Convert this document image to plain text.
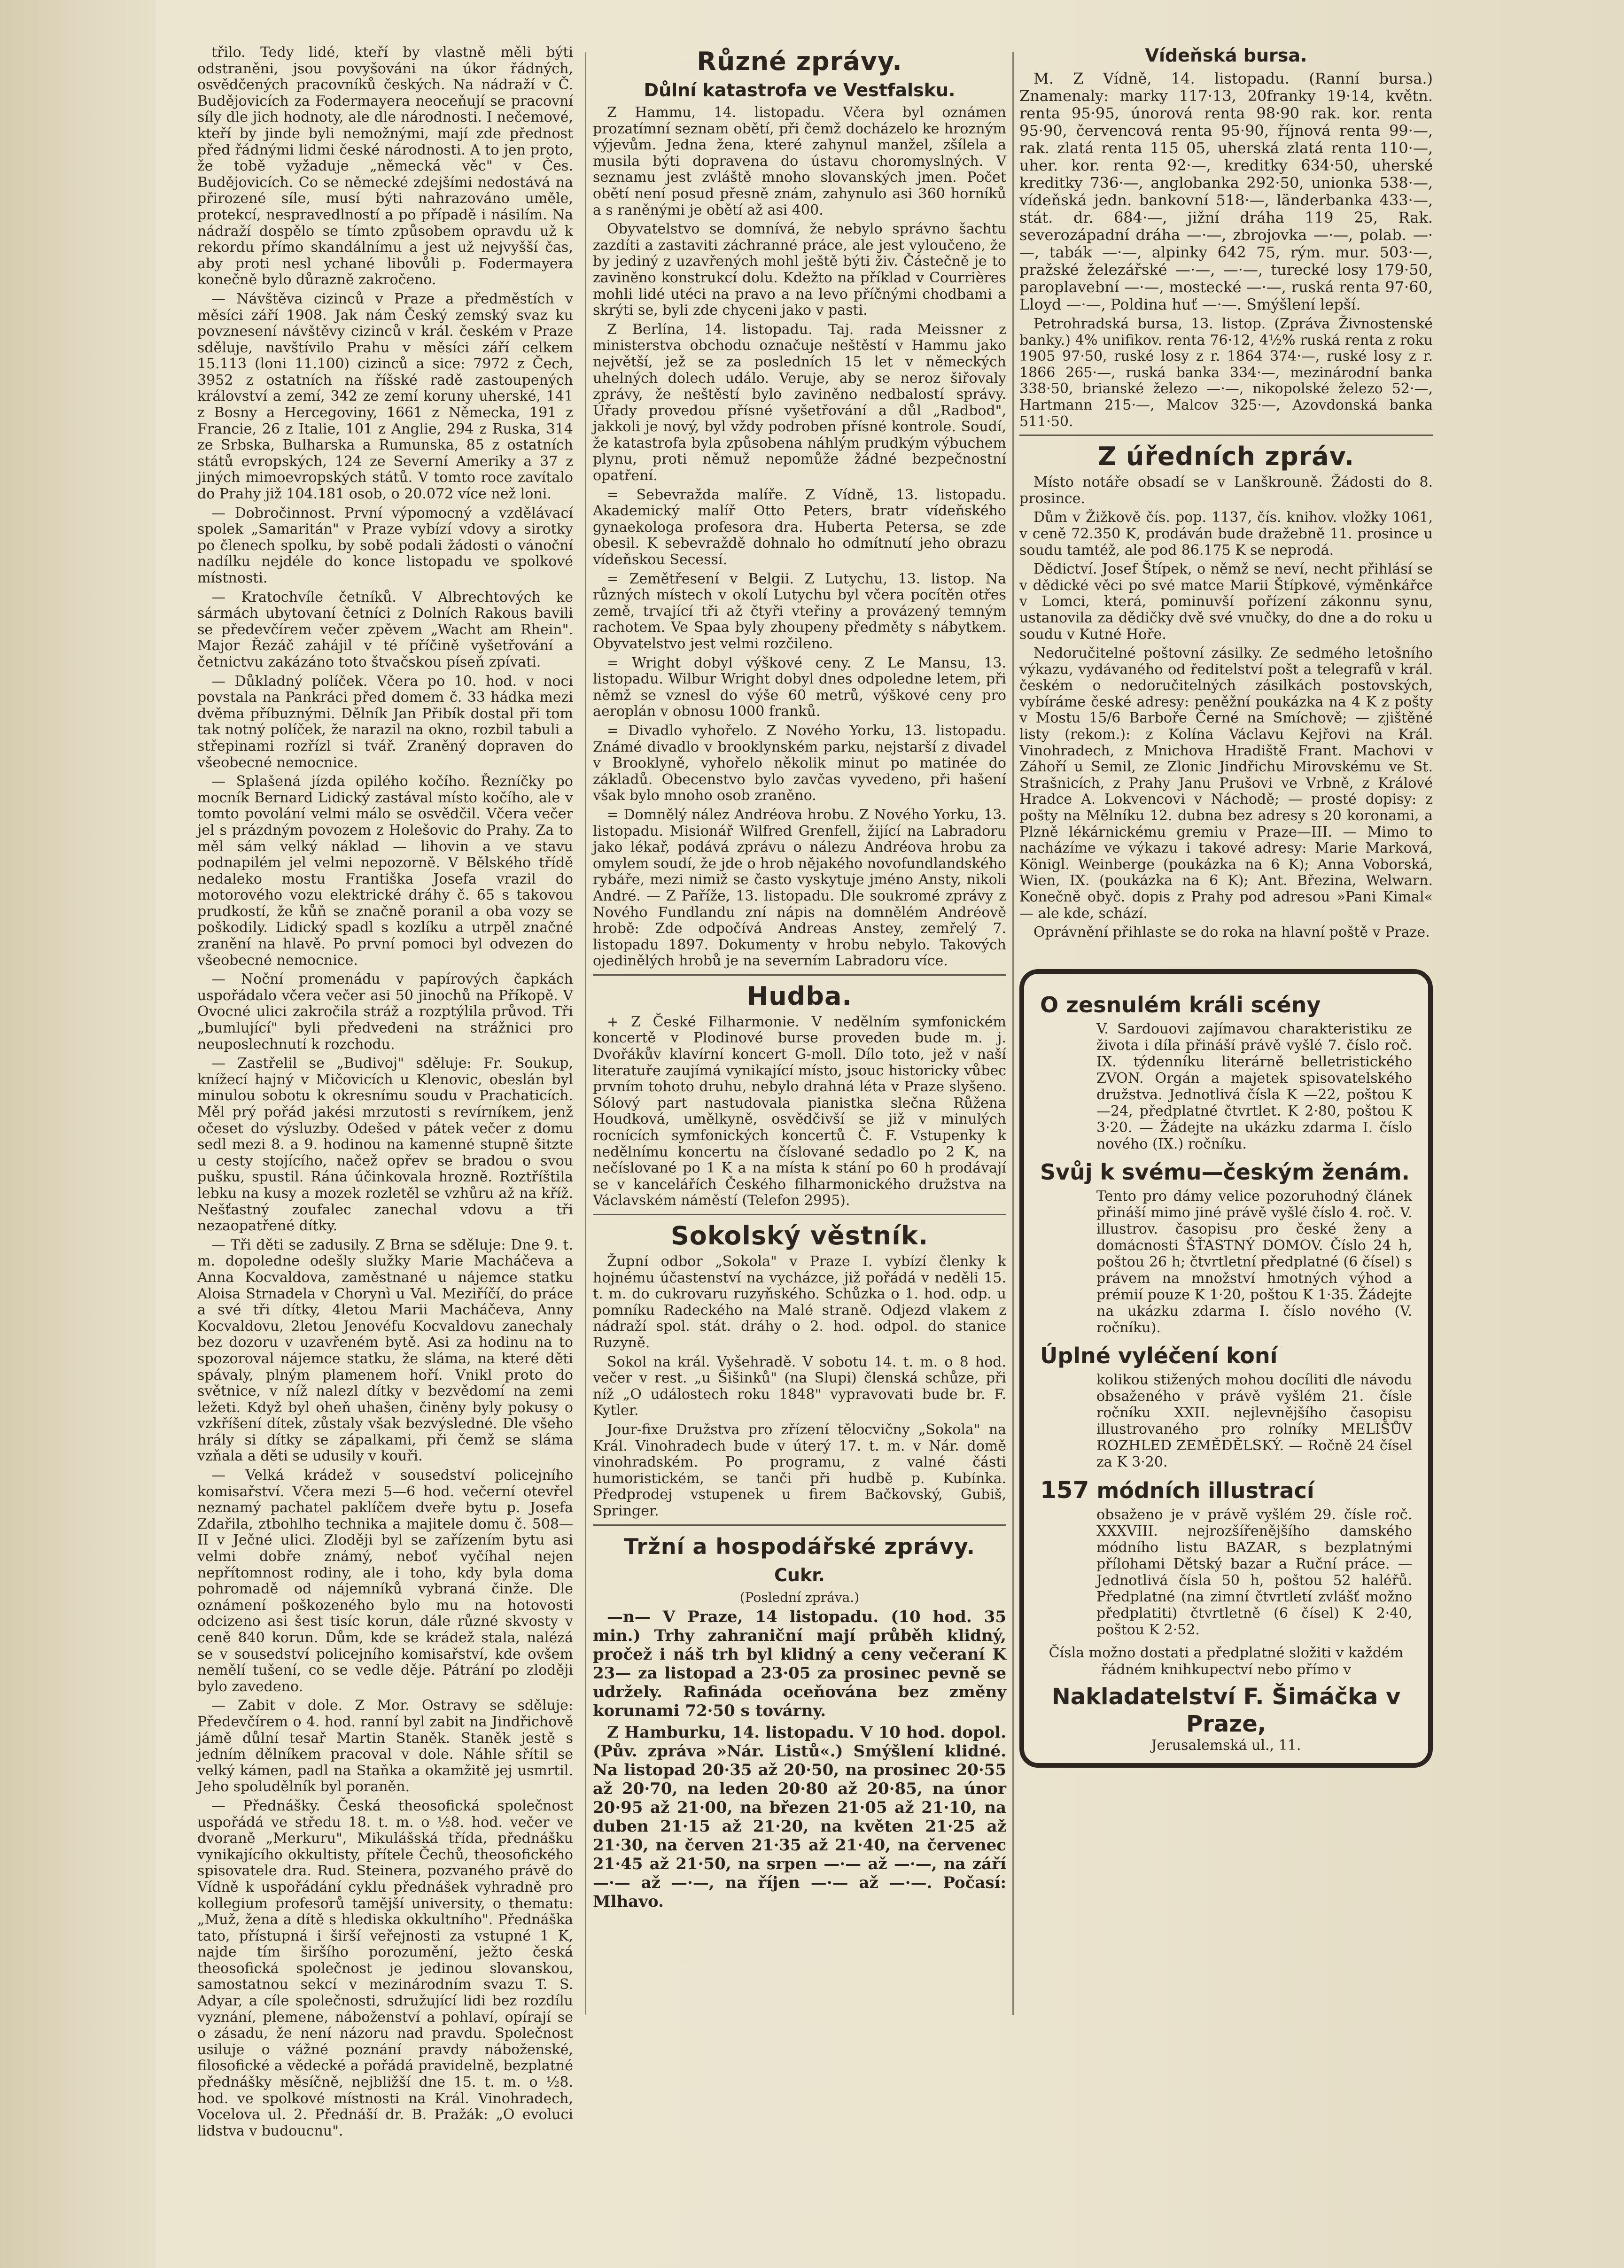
třilo. Tedy lidé, kteří by vlastně měli býti odstraněni, jsou povyšováni na úkor řádných, osvědčených pracovníků českých. Na nádraží v Č. Budějovicích za Fodermayera neoceňují se pracovní síly dle jich hodnoty, ale dle národnosti. I nečemové, kteří by jinde byli nemožnými, mají zde přednost před řádnými lidmi české národnosti. A to jen proto, že tobě vyžaduje „německá věc" v Čes. Budějovicích. Co se německé zdejšími nedostává na přirozené síle, musí býti nahrazováno uměle, protekcí, nespravedlností a po případě i násilím. Na nádraží dospělo se tímto způsobem opravdu už k rekordu přímo skandálnímu a jest už nejvyšší čas, aby proti nesl ychané libovůli p. Fodermayera konečně bylo důrazně zakročeno.

— Návštěva cizinců v Praze a předměstích v měsíci září 1908. Jak nám Český zemský svaz ku povznesení návštěvy cizinců v král. českém v Praze sděluje, navštívilo Prahu v měsíci září celkem 15.113 (loni 11.100) cizinců a sice: 7972 z Čech, 3952 z ostatních na říšské radě zastoupených království a zemí, 342 ze zemí koruny uherské, 141 z Bosny a Hercegoviny, 1661 z Německa, 191 z Francie, 26 z Italie, 101 z Anglie, 294 z Ruska, 314 ze Srbska, Bulharska a Rumunska, 85 z ostatních států evropských, 124 ze Severní Ameriky a 37 z jiných mimoevropských států. V tomto roce zavítalo do Prahy již 104.181 osob, o 20.072 více než loni.

— Dobročinnost. První výpomocný a vzdělávací spolek „Samaritán" v Praze vybízí vdovy a sirotky po členech spolku, by sobě podali žádosti o vánoční nadílku nejdéle do konce listopadu ve spolkové místnosti.

— Kratochvíle četníků. V Albrechtových ke sármách ubytovaní četníci z Dolních Rakous bavili se předevčírem večer zpěvem „Wacht am Rhein". Major Řezáč zahájil v té příčině vyšetřování a četnictvu zakázáno toto štvačskou píseň zpívati.

— Důkladný políček. Včera po 10. hod. v noci povstala na Pankráci před domem č. 33 hádka mezi dvěma příbuznými. Dělník Jan Přibík dostal při tom tak notný políček, že narazil na okno, rozbil tabuli a střepinami rozřízl si tvář. Zraněný dopraven do všeobecné nemocnice.

— Splašená jízda opilého kočího. Řezníčky po mocník Bernard Lidický zastával místo kočího, ale v tomto povolání velmi málo se osvědčil. Včera večer jel s prázdným povozem z Holešovic do Prahy. Za to měl sám velký náklad — lihovin a ve stavu podnapilém jel velmi nepozorně. V Bělského třídě nedaleko mostu Františka Josefa vrazil do motorového vozu elektrické dráhy č. 65 s takovou prudkostí, že kůň se značně poranil a oba vozy se poškodily. Lidický spadl s kozlíku a utrpěl značné zranění na hlavě. Po první pomoci byl odvezen do všeobecné nemocnice.

— Noční promenádu v papírových čapkách uspořádalo včera večer asi 50 jinochů na Příkopě. V Ovocné ulici zakročila stráž a rozptýlila průvod. Tři „bumlující" byli předvedeni na strážnici pro neuposlechnutí k rozchodu.

— Zastřelil se „Budivoj" sděluje: Fr. Soukup, knížecí hajný v Mičovicích u Klenovic, obeslán byl minulou sobotu k okresnímu soudu v Prachaticích. Měl prý pořád jakési mrzutosti s revírníkem, jenž očeset do výsluzby. Odešed v pátek večer z domu sedl mezi 8. a 9. hodinou na kamenné stupně šitzte u cesty stojícího, načež opřev se bradou o svou pušku, spustil. Rána účinkovala hrozně. Roztříštila lebku na kusy a mozek rozletěl se vzhůru až na kříž. Nešťastný zoufalec zanechal vdovu a tři nezaopatřené dítky.

— Tři děti se zadusily. Z Brna se sděluje: Dne 9. t. m. dopoledne odešly služky Marie Macháčeva a Anna Kocvaldova, zaměstnané u nájemce statku Aloisa Strnadela v Chorynì u Val. Meziříčí, do práce a své tři dítky, 4letou Marii Macháčeva, Anny Kocvaldovu, 2letou Jenovéfu Kocvaldovu zanechaly bez dozoru v uzavřeném bytě. Asi za hodinu na to spozoroval nájemce statku, že sláma, na které děti spávaly, plným plamenem hoří. Vnikl proto do světnice, v níž nalezl dítky v bezvědomí na zemi ležeti. Když byl oheň uhašen, činěny byly pokusy o vzkříšení dítek, zůstaly však bezvýsledné. Dle všeho hrály si dítky se zápalkami, při čemž se sláma vzňala a děti se udusily v kouři.

— Velká krádež v sousedství policejního komisařství. Včera mezi 5—6 hod. večerní otevřel neznamý pachatel paklíčem dveře bytu p. Josefa Zdařila, ztbohlho technika a majitele domu č. 508—II v Ječné ulici. Zloději byl se zařízením bytu asi velmi dobře známý, neboť vyčíhal nejen nepřítomnost rodiny, ale i toho, kdy byla doma pohromadě od nájemníků vybraná činže. Dle oznámení poškozeného bylo mu na hotovosti odcizeno asi šest tisíc korun, dále různé skvosty v ceně 840 korun. Dům, kde se krádež stala, nalézá se v sousedství policejního komisařství, kde ovšem nemělí tušení, co se vedle děje. Pátrání po zloději bylo zavedeno.

— Zabit v dole. Z Mor. Ostravy se sděluje: Předevčírem o 4. hod. ranní byl zabit na Jindřichově jámě důlní tesař Martin Staněk. Staněk jestě s jedním dělníkem pracoval v dole. Náhle sřítil se velký kámen, padl na Staňka a okamžitě jej usmrtil. Jeho spoludělník byl poraněn.

— Přednášky. Česká theosofická společnost uspořádá ve středu 18. t. m. o ½8. hod. večer ve dvoraně „Merkuru", Mikulášská třída, přednášku vynikajícího okkultisty, přítele Čechů, theosofického spisovatele dra. Rud. Steinera, pozvaného právě do Vídně k uspořádání cyklu přednášek vyhradně pro kollegium profesorů tamější university, o thematu: „Muž, žena a dítě s hlediska okkultního". Přednáška tato, přístupná i širší veřejnosti za vstupné 1 K, najde tím širšího porozumění, ježto česká theosofická společnost je jedinou slovanskou, samostatnou sekcí v mezinárodním svazu T. S. Adyar, a cíle společnosti, sdružující lidi bez rozdílu vyznání, plemene, náboženství a pohlaví, opírají se o zásadu, že není názoru nad pravdu. Společnost usiluje o vážné poznání pravdy náboženské, filosofické a vědecké a pořádá pravidelně, bezplatné přednášky měsíčně, nejbližší dne 15. t. m. o ½8. hod. ve spolkové místnosti na Král. Vinohradech, Vocelova ul. 2. Přednáší dr. B. Pražák: „O evoluci lidstva v budoucnu".

Různé zprávy.
Důlní katastrofa ve Vestfalsku.

Z Hammu, 14. listopadu. Včera byl oznámen prozatímní seznam obětí, při čemž docházelo ke hrozným výjevům. Jedna žena, které zahynul manžel, zšílela a musila býti dopravena do ústavu choromyslných. V seznamu jest zvláště mnoho slovanských jmen. Počet obětí není posud přesně znám, zahynulo asi 360 horníků a s raněnými je obětí až asi 400.

Obyvatelstvo se domnívá, že nebylo správno šachtu zazdíti a zastaviti záchranné práce, ale jest vyloučeno, že by jediný z uzavřených mohl ještě býti živ. Částečně je to zaviněno konstrukcí dolu. Kdežto na příklad v Courrières mohli lidé utéci na pravo a na levo příčnými chodbami a skrýti se, byli zde chyceni jako v pasti.

Z Berlína, 14. listopadu. Taj. rada Meissner z ministerstva obchodu označuje neštěstí v Hammu jako největší, jež se za posledních 15 let v německých uhelných dolech událo. Veruje, aby se neroz šiřovaly zprávy, že neštěstí bylo zaviněno nedbalostí správy. Úřady provedou přísné vyšetřování a důl „Radbod", jakkoli je nový, byl vždy podroben přísné kontrole. Soudí, že katastrofa byla způsobena náhlým prudkým výbuchem plynu, proti němuž nepomůže žádné bezpečnostní opatření.

= Sebevražda malíře. Z Vídně, 13. listopadu. Akademický malíř Otto Peters, bratr vídeňského gynaekologa profesora dra. Huberta Petersa, se zde obesil. K sebevraždě dohnalo ho odmítnutí jeho obrazu vídeňskou Secessí.

= Zemětřesení v Belgii. Z Lutychu, 13. listop. Na různých místech v okolí Lutychu byl včera pocítěn otřes země, trvající tři až čtyři vteřiny a provázený temným rachotem. Ve Spaa byly zhoupeny předměty s nábytkem. Obyvatelstvo jest velmi rozčileno.

= Wright dobyl výškové ceny. Z Le Mansu, 13. listopadu. Wilbur Wright dobyl dnes odpoledne letem, při němž se vznesl do výše 60 metrů, výškové ceny pro aeroplán v obnosu 1000 franků.

= Divadlo vyhořelo. Z Nového Yorku, 13. listopadu. Známé divadlo v brooklynském parku, nejstarší z divadel v Brooklyně, vyhořelo několik minut po matinée do základů. Obecenstvo bylo zavčas vyvedeno, při hašení však bylo mnoho osob zraněno.

= Domnělý nález Andréova hrobu. Z Nového Yorku, 13. listopadu. Misionář Wilfred Grenfell, žijící na Labradoru jako lékař, podává zprávu o nálezu Andréova hrobu za omylem soudí, že jde o hrob nějakého novofundlandského rybáře, mezi nimiž se často vyskytuje jméno Ansty, nikoli André. — Z Paříže, 13. listopadu. Dle soukromé zprávy z Nového Fundlandu zní nápis na domnělém Andréově hrobě: Zde odpočívá Andreas Anstey, zemřelý 7. listopadu 1897. Dokumenty v hrobu nebylo. Takových ojedinělých hrobů je na severním Labradoru více.

Hudba.

+ Z České Filharmonie. V nedělním symfonickém koncertě v Plodinové burse proveden bude m. j. Dvořákův klavírní koncert G-moll. Dílo toto, jež v naší literatuře zaujímá vynikající místo, jsouc historicky vůbec prvním tohoto druhu, nebylo drahná léta v Praze slyšeno. Sólový part nastudovala pianistka slečna Růžena Houdková, umělkyně, osvědčivší se již v minulých rocnících symfonických koncertů Č. F. Vstupenky k nedělnímu koncertu na číslované sedadlo po 2 K, na nečíslované po 1 K a na místa k stání po 60 h prodávají se v kancelářích Českého filharmonického družstva na Václavském náměstí (Telefon 2995).

Sokolský věstník.

Župní odbor „Sokola" v Praze I. vybízí členky k hojnému účastenství na vycházce, již pořádá v neděli 15. t. m. do cukrovaru ruzyňského. Schůzka o 1. hod. odp. u pomníku Radeckého na Malé straně. Odjezd vlakem z nádraží spol. stát. dráhy o 2. hod. odpol. do stanice Ruzyně.

Sokol na král. Vyšehradě. V sobotu 14. t. m. o 8 hod. večer v rest. „u Šišinků" (na Slupi) členská schůze, při níž „O událostech roku 1848" vypravovati bude br. F. Kytler.

Jour-fixe Družstva pro zřízení tělocvičny „Sokola" na Král. Vinohradech bude v úterý 17. t. m. v Nár. domě vinohradském. Po programu, z valné části humoristickém, se tanči při hudbě p. Kubínka. Předprodej vstupenek u firem Bačkovský, Gubiš, Springer.

Tržní a hospodářské zprávy.
Cukr.
(Poslední zpráva.)

—n— V Praze, 14 listopadu. (10 hod. 35 min.) Trhy zahraniční mají průběh klidný, pročež i náš trh byl klidný a ceny večeraní K 23— za listopad a 23·05 za prosinec pevně se udržely. Rafináda oceňována bez změny korunami 72·50 s továrny.

Z Hamburku, 14. listopadu. V 10 hod. dopol. (Pův. zpráva »Nár. Listů«.) Smýšlení klidné. Na listopad 20·35 až 20·50, na prosinec 20·55 až 20·70, na leden 20·80 až 20·85, na únor 20·95 až 21·00, na březen 21·05 až 21·10, na duben 21·15 až 21·20, na květen 21·25 až 21·30, na červen 21·35 až 21·40, na červenec 21·45 až 21·50, na srpen —·— až —·—, na září —·— až —·—, na říjen —·— až —·—. Počasí: Mlhavo.

Vídeňská bursa.

M. Z Vídně, 14. listopadu. (Ranní bursa.) Znamenaly: marky 117·13, 20franky 19·14, květn. renta 95·95, únorová renta 98·90 rak. kor. renta 95·90, červencová renta 95·90, říjnová renta 99·—, rak. zlatá renta 115 05, uherská zlatá renta 110·—, uher. kor. renta 92·—, kreditky 634·50, uherské kreditky 736·—, anglobanka 292·50, unionka 538·—, vídeňská jedn. bankovní 518·—, länderbanka 433·—, stát. dr. 684·—, jižní dráha 119 25, Rak. severozápadní dráha —·—, zbrojovka —·—, polab. —·—, tabák —·—, alpinky 642 75, rým. mur. 503·—, pražské železářské —·—, —·—, turecké losy 179·50, paroplavební —·—, mostecké —·—, ruská renta 97·60, Lloyd —·—, Poldina huť —·—. Smýšlení lepší.

Petrohradská bursa, 13. listop. (Zpráva Živnostenské banky.) 4% unifikov. renta 76·12, 4½% ruská renta z roku 1905 97·50, ruské losy z r. 1864 374·—, ruské losy z r. 1866 265·—, ruská banka 334·—, mezinárodní banka 338·50, brianské železo —·—, nikopolské železo 52·—, Hartmann 215·—, Malcov 325·—, Azovdonská banka 511·50.

Z úředních zpráv.

Místo notáře obsadí se v Lanškrouně. Žádosti do 8. prosince.

Dům v Žižkově čís. pop. 1137, čís. knihov. vložky 1061, v ceně 72.350 K, prodáván bude dražebně 11. prosince u soudu tamtéž, ale pod 86.175 K se neprodá.

Dědictví. Josef Štípek, o němž se neví, necht přihlásí se v dědické věci po své matce Marii Štípkové, výměnkářce v Lomci, která, pominuvší pořízení zákonnu synu, ustanovila za dědičky dvě své vnučky, do dne a do roku u soudu v Kutné Hoře.

Nedoručitelné poštovní zásilky. Ze sedmého letošního výkazu, vydávaného od ředitelství pošt a telegrafů v král. českém o nedoručitelných zásilkách postovských, vybíráme české adresy: peněžní poukázka na 4 K z pošty v Mostu 15/6 Barboře Černé na Smíchově; — zjištěné listy (rekom.): z Kolína Václavu Kejřovi na Král. Vinohradech, z Mnichova Hradiště Frant. Machovi v Záhoří u Semil, ze Zlonic Jindřichu Mirovskému ve St. Strašnicích, z Prahy Janu Prušovi ve Vrbně, z Králové Hradce A. Lokvencovi v Náchodě; — prosté dopisy: z pošty na Mělníku 12. dubna bez adresy s 20 koronami, a Plzně lékárnickému gremiu v Praze—III. — Mimo to nacházíme ve výkazu i takové adresy: Marie Marková, Königl. Weinberge (poukázka na 6 K); Anna Voborská, Wien, IX. (poukázka na 6 K); Ant. Březina, Welwarn. Konečně obyč. dopis z Prahy pod adresou »Pani Kimal« — ale kde, schází.

Oprávnění přihlaste se do roka na hlavní poště v Praze.

O zesnulém králi scény
V. Sardouovi zajímavou charakteristiku ze života i díla přináší právě vyšlé 7. číslo roč. IX. týdenníku literárně belletristického ZVON. Orgán a majetek spisovatelského družstva. Jednotlivá čísla K —22, poštou K —24, předplatné čtvrtlet. K 2·80, poštou K 3·20. — Žádejte na ukázku zdarma I. číslo nového (IX.) ročníku.
Svůj k svému—českým ženám.
Tento pro dámy velice pozoruhodný článek přináší mimo jiné právě vyšlé číslo 4. roč. V. illustrov. časopisu pro české ženy a domácnosti ŠŤASTNÝ DOMOV. Číslo 24 h, poštou 26 h; čtvrtletní předplatné (6 čísel) s právem na množství hmotných výhod a prémií pouze K 1·20, poštou K 1·35. Žádejte na ukázku zdarma I. číslo nového (V. ročníku).
Úplné vyléčení koní
kolikou stižených mohou docíliti dle návodu obsaženého v právě vyšlém 21. čísle ročníku XXII. nejlevnějšího časopisu illustrovaného pro rolníky MELIŠŮV ROZHLED ZEMĚDĚLSKÝ. — Ročně 24 čísel za K 3·20.
157 módních illustrací
obsaženo je v právě vyšlém 29. čísle roč. XXXVIII. nejrozšířenějšího damského módního listu BAZAR, s bezplatnými přílohami Dětský bazar a Ruční práce. — Jednotlivá čísla 50 h, poštou 52 haléřů. Předplatné (na zimní čtvrtletí zvlášť možno předplatiti) čtvrtletně (6 čísel) K 2·40, poštou K 2·52.
Čísla možno dostati a předplatné složiti v každém řádném knihkupectví nebo přímo v
Nakladatelství F. Šimáčka v Praze,
Jerusalemská ul., 11.
